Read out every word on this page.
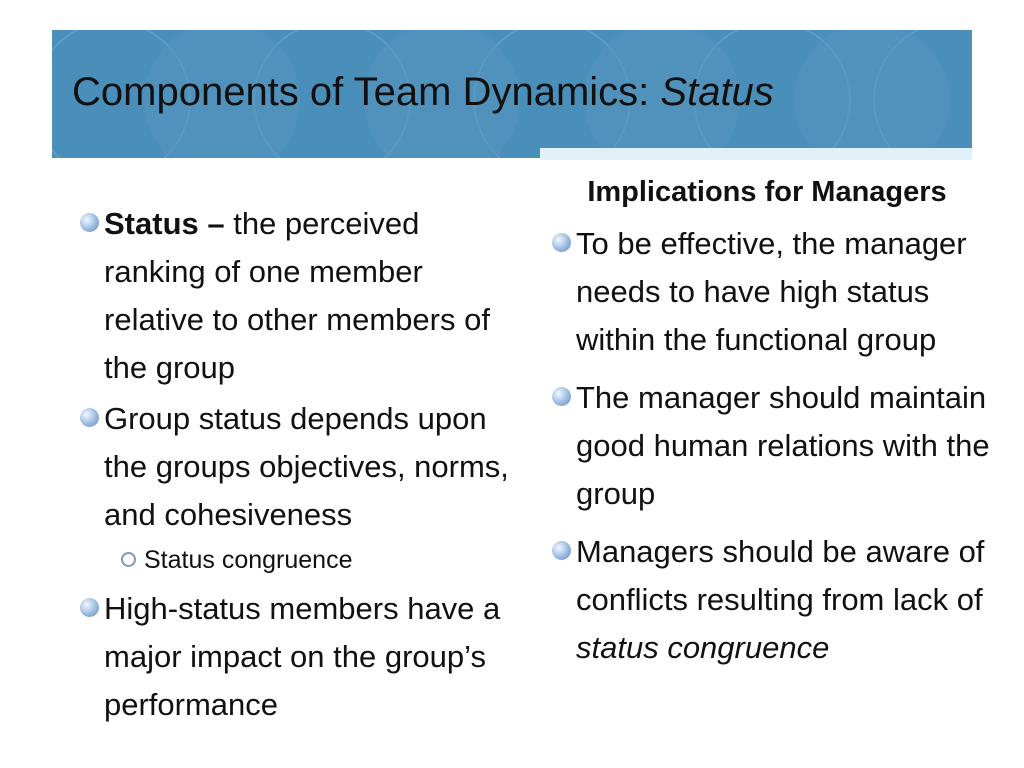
Components of Team Dynamics: Status
Status – the perceived ranking of one member relative to other members of the group
Group status depends upon the groups objectives, norms, and cohesiveness
Status congruence
High-status members have a major impact on the group’s performance
Implications for Managers
To be effective, the manager needs to have high status within the functional group
The manager should maintain good human relations with the group
Managers should be aware of conflicts resulting from lack of status congruence
